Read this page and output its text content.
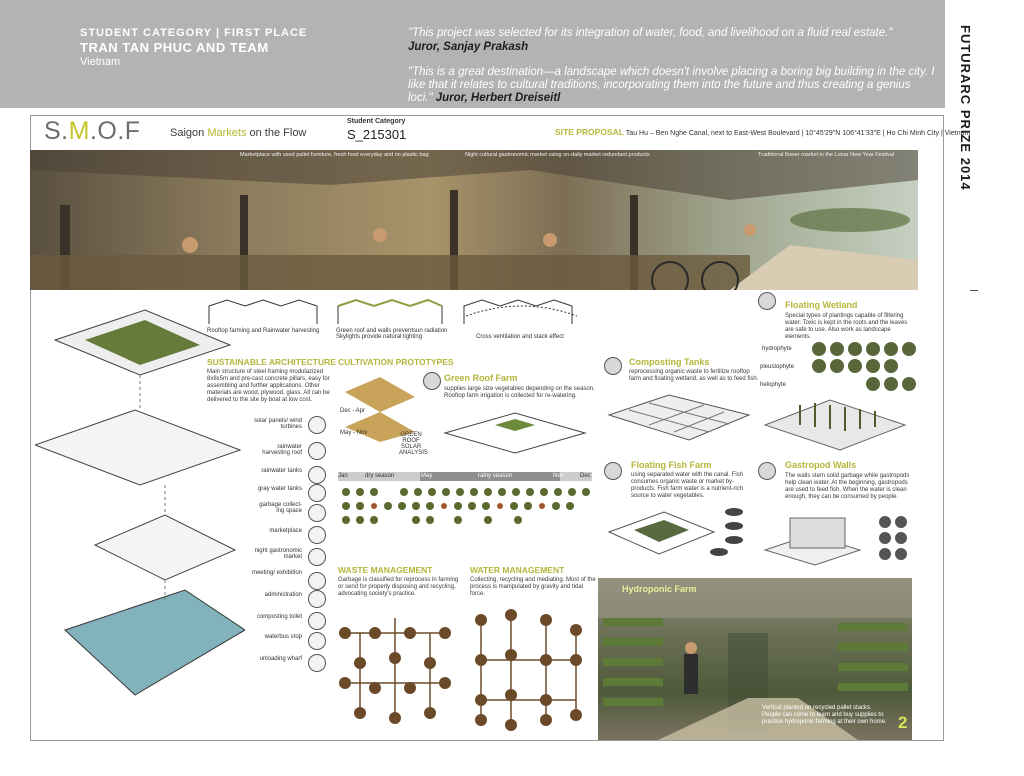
STUDENT CATEGORY | FIRST PLACE
TRAN TAN PHUC AND TEAM
Vietnam
"This project was selected for its integration of water, food, and livelihood on a fluid real estate."
Juror, Sanjay Prakash
"This is a great destination—a landscape which doesn't involve placing a boring big building in the city. I like that it relates to cultural traditions, incorporating them into the future and thus creating a genius loci." Juror, Herbert Dreiseitl	FUTURARC PRIZE 2014
S.M.O.F	Saigon Markets on the Flow
Student Category
S_215301	SITE PROPOSAL Tau Hu – Ben Nghe Canal, next to East-West Boulevard | 10°45'29"N 106°41'33"E | Ho Chi Minh City | Vietnam
Marketplace with used pallet furniture, fresh food everyday and no plastic bag	Night cultural gastronomic market using on-daily market redundant products	Traditional flower market in the Lunar New Year Festival
Rooftop farming and Rainwater harvesting	Green roof and walls preventsun radiation Skylights provide natural lighting	Cross ventilation and stack effect
SUSTAINABLE ARCHITECTURE
Main structure of steel framing modulazized 8x8x5m and pre-cast concrete pillars, easy for assembling and further applications. Other materials are wood, plywood, glass. All can be delivered to the site by boat at low cost.
solar panels/ wind turbines
rainwater harvesting roof
rainwater tanks
gray water tanks
garbage collect- ing space
marketplace
night gastronomic market
meeting/ exhibition
administration
composting toilet
waterbus stop
unloading wharf
CULTIVATION PROTOTYPES
Dec - Apr
May - Nov	GREEN ROOF SOLAR ANALYSIS
Green Roof Farm
supplies large size vegetables depending on the season. Rooftop farm irrigation is collected for re-watering.
Jan	dry season	May	rainy season	Nov	Dec
Composting Tanks
reprocessing organic waste to fertilize rooftop farm and floating wetland, as well as to feed fish.
Floating Wetland
Special types of plantings capable of filtering water. Toxic is kept in the roots and the leaves are safe to use. Also work as landscape elements.
hydrophyte
pleustophyte
helophyte
Floating Fish Farm
using separated water with the canal. Fish consumes organic waste or market by-products. Fish farm water is a nutrient-rich source to water vegetables.
Gastropod Walls
The walls stem solid garbage while gastropods help clean water. At the beginning, gastropods are used to feed fish. When the water is clean enough, they can be consumed by people.
WASTE MANAGEMENT
Garbage is classified for reprocess in farming or send for properly disposing and recycling, advocating society's practice.
WATER MANAGEMENT
Collecting, recycling and mediating. Most of the process is manipulated by gravity and tidal force.	Hydroponic Farm
Vertical planted on recycled pallet stacks. People can come to learn and buy supplies to practice hydroponic farming at their own home. 2
